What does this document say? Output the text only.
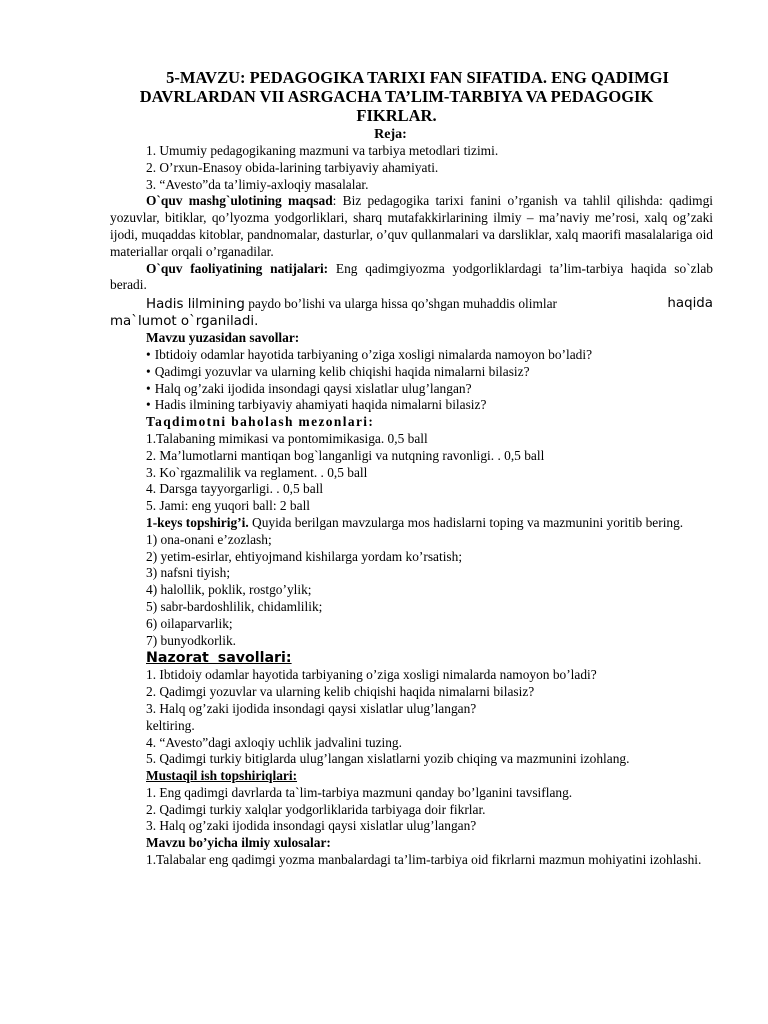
5-MAVZU: PEDAGOGIKA TARIXI FAN SIFATIDA. ENG QADIMGI
DAVRLARDAN VII ASRGACHA TA’LIM-TARBIYA VA PEDAGOGIK
FIKRLAR.
Reja:

1. Umumiy pedagogikaning mazmuni va tarbiya metodlari tizimi.

2. O’rxun-Enasoy obida-larining tarbiyaviy ahamiyati.

3. “Avesto”da ta’limiy-axloqiy masalalar.

O`quv mashg`ulotining maqsad: Biz pedagogika tarixi fanini o’rganish va tahlil qilishda: qadimgi yozuvlar, bitiklar, qo’lyozma yodgorliklari, sharq mutafakkirlarining ilmiy – ma’naviy me’rosi, xalq og’zaki ijodi, muqaddas kitoblar, pandnomalar, dasturlar, o’quv qullanmalari va darsliklar, xalq maorifi masalalariga oid materiallar orqali o’rganadilar.

O`quv faoliyatining natijalari: Eng qadimgiyozma yodgorliklardagi ta’lim-tarbiya haqida so`zlab beradi.

Hadis lilmining paydo bo’lishi va ularga hissa qo’shgan muhaddis olimlar	haqida
ma`lumot o`rganiladi.

Mavzu yuzasidan savollar:

• Ibtidoiy odamlar hayotida tarbiyaning o’ziga xosligi nimalarda namoyon bo’ladi?

• Qadimgi yozuvlar va ularning kelib chiqishi haqida nimalarni bilasiz?

• Halq og’zaki ijodida insondagi qaysi xislatlar ulug’langan?

• Hadis ilmining tarbiyaviy ahamiyati haqida nimalarni bilasiz?

Taqdimotni baholash mezonlari:

1.Talabaning mimikasi va pontomimikasiga. 0,5 ball

2. Ma’lumotlarni mantiqan bog`langanligi va nutqning ravonligi. . 0,5 ball

3. Ko`rgazmalilik va reglament. . 0,5 ball

4. Darsga tayyorgarligi. . 0,5 ball

5. Jami: eng yuqori ball: 2 ball

1-keys topshirig’i. Quyida berilgan mavzularga mos hadislarni toping va mazmunini yoritib bering.

1) ona-onani e’zozlash;

2) yetim-esirlar, ehtiyojmand kishilarga yordam ko’rsatish;

3) nafsni tiyish;

4) halollik, poklik, rostgo’ylik;

5) sabr-bardoshlilik, chidamlilik;

6) oilaparvarlik;

7) bunyodkorlik.

Nazorat savollari:

1. Ibtidoiy odamlar hayotida tarbiyaning o’ziga xosligi nimalarda namoyon bo’ladi?

2. Qadimgi yozuvlar va ularning kelib chiqishi haqida nimalarni bilasiz?

3. Halq og’zaki ijodida insondagi qaysi xislatlar ulug’langan?

keltiring.

4. “Avesto”dagi axloqiy uchlik jadvalini tuzing.

5. Qadimgi turkiy bitiglarda ulug’langan xislatlarni yozib chiqing va mazmunini izohlang.

Mustaqil ish topshiriqlari:

1. Eng qadimgi davrlarda ta`lim-tarbiya mazmuni qanday bo’lganini tavsiflang.

2. Qadimgi turkiy xalqlar yodgorliklarida tarbiyaga doir fikrlar.

3. Halq og’zaki ijodida insondagi qaysi xislatlar ulug’langan?

Mavzu bo’yicha ilmiy xulosalar:

1.Talabalar eng qadimgi yozma manbalardagi ta’lim-tarbiya oid fikrlarni mazmun mohiyatini izohlashi.
